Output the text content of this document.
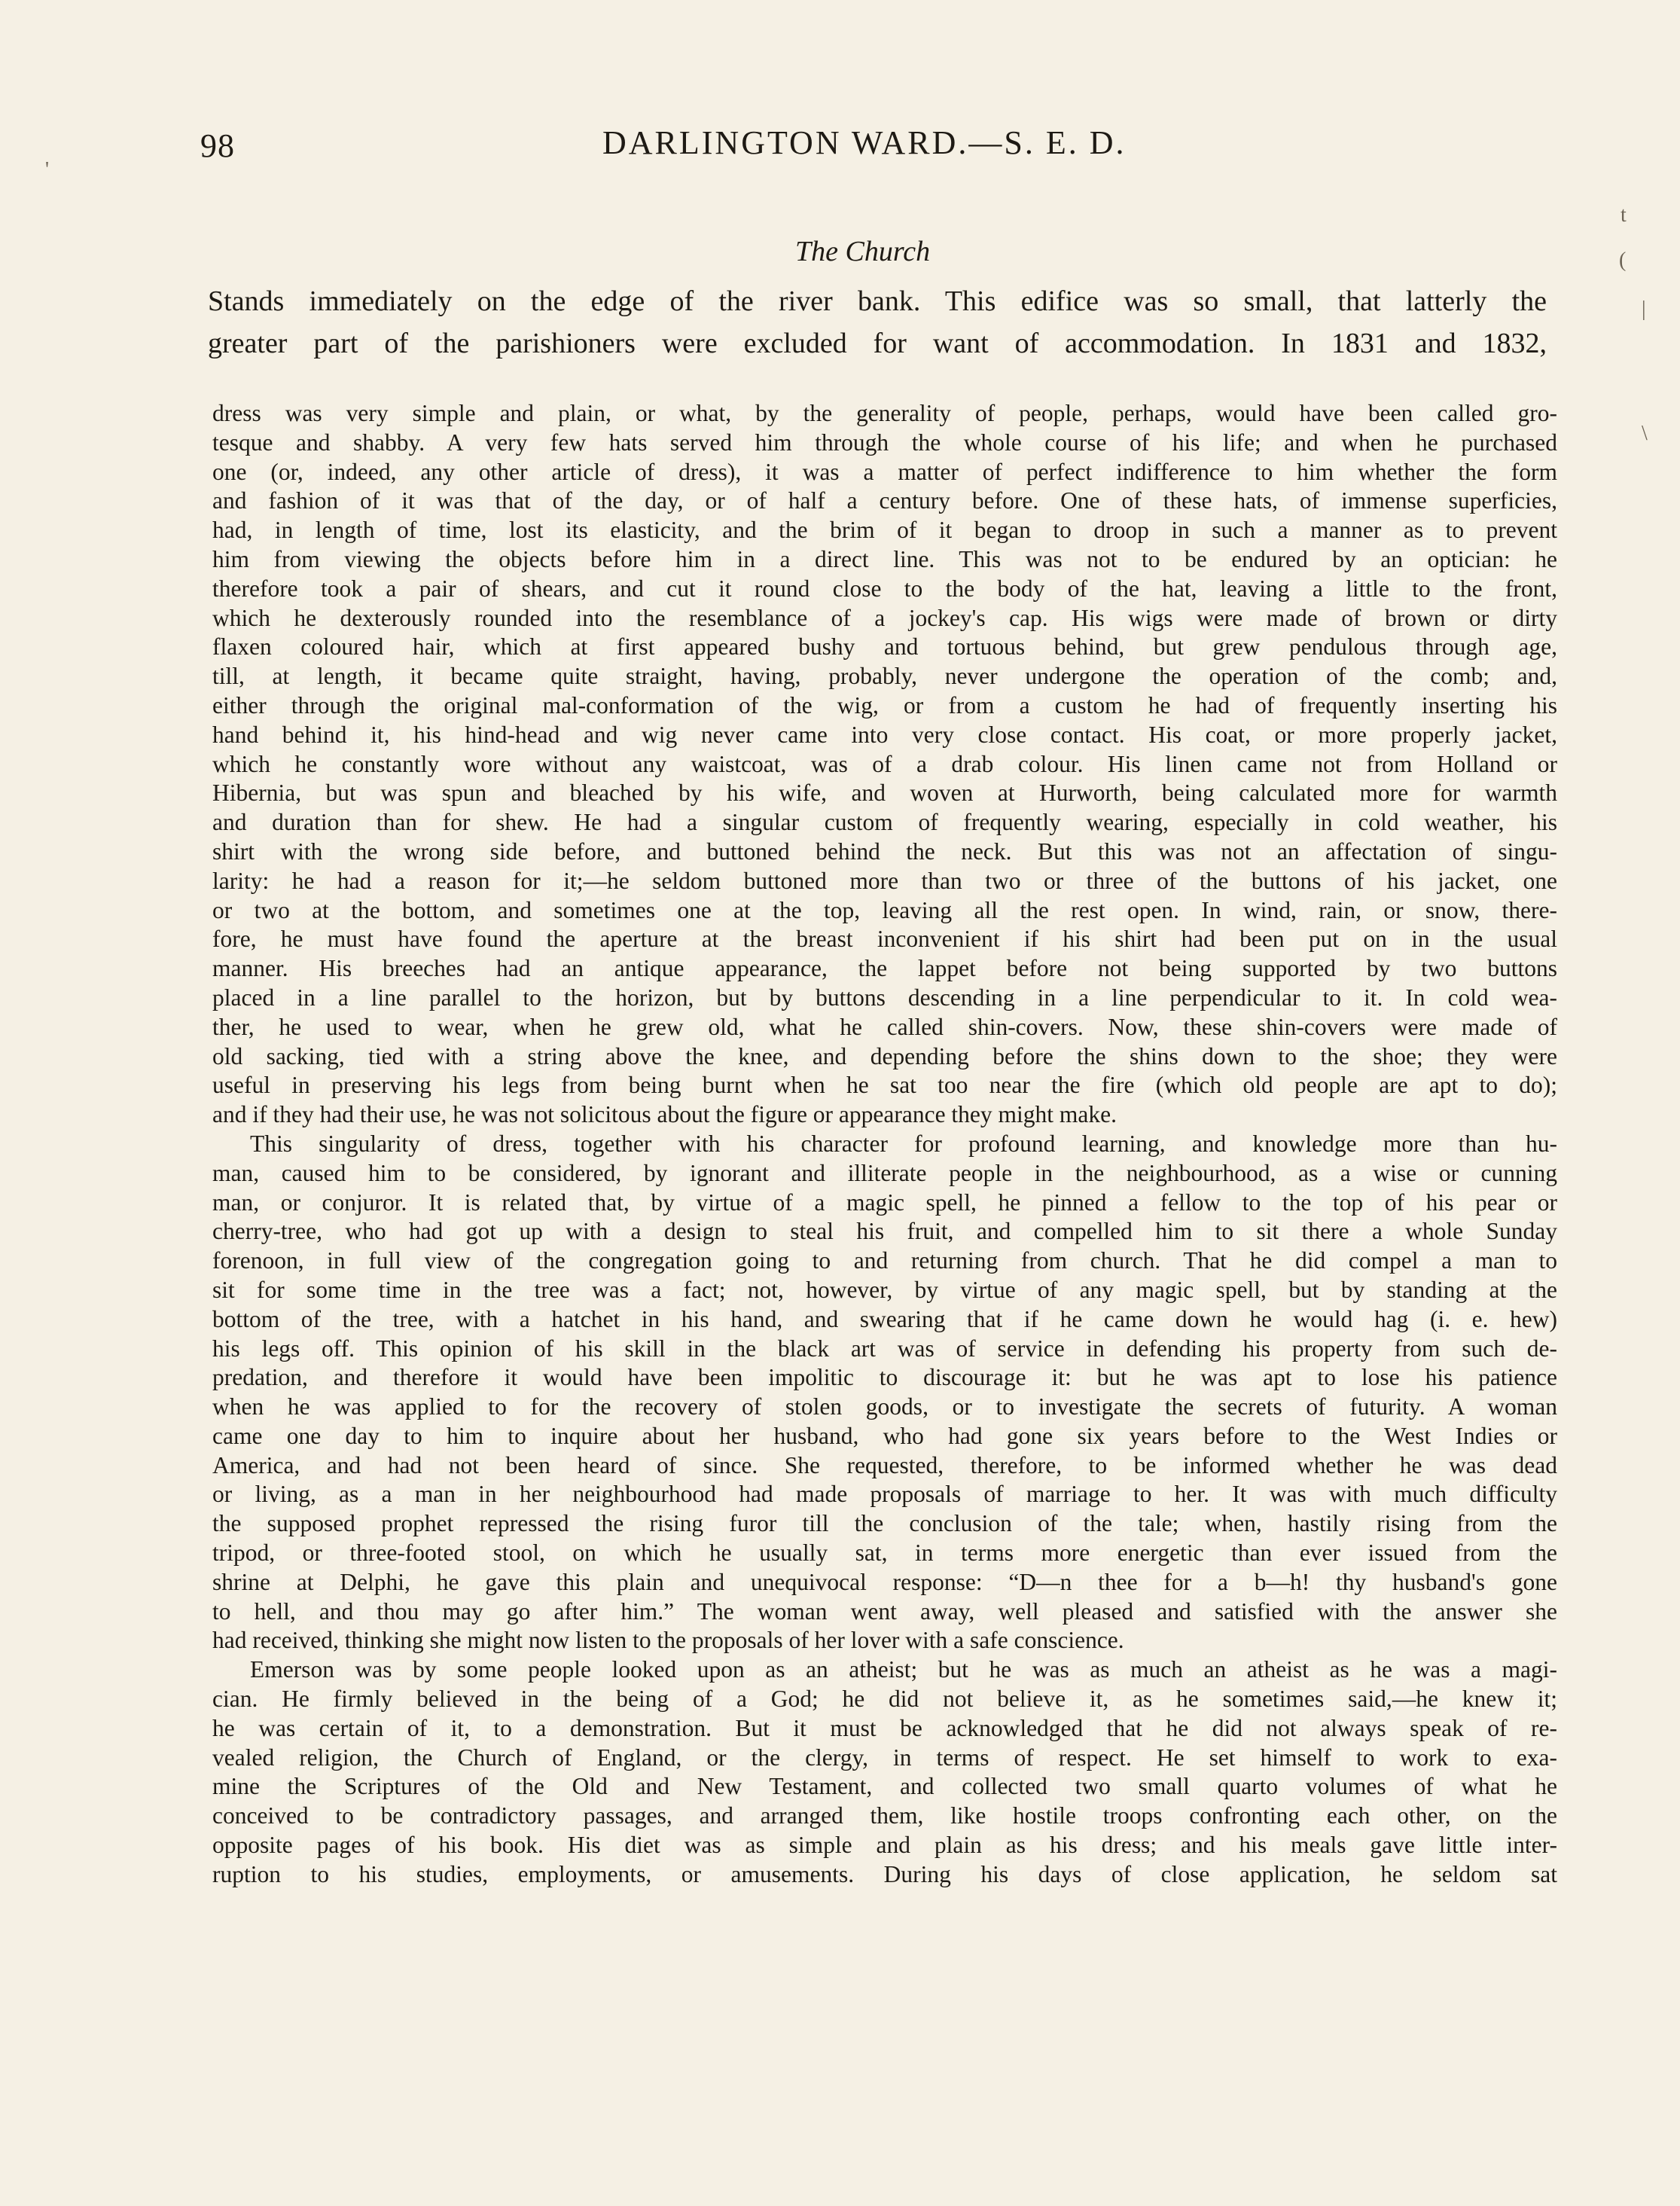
98	DARLINGTON WARD.—S. E. D.
'
t
(
|
\
The Church
Stands immediately on the edge of the river bank. This edifice was so small, that latterly the
greater part of the parishioners were excluded for want of accommodation. In 1831 and 1832,
dress was very simple and plain, or what, by the generality of people, perhaps, would have been called gro-
tesque and shabby. A very few hats served him through the whole course of his life; and when he purchased
one (or, indeed, any other article of dress), it was a matter of perfect indifference to him whether the form
and fashion of it was that of the day, or of half a century before. One of these hats, of immense superficies,
had, in length of time, lost its elasticity, and the brim of it began to droop in such a manner as to prevent
him from viewing the objects before him in a direct line. This was not to be endured by an optician: he
therefore took a pair of shears, and cut it round close to the body of the hat, leaving a little to the front,
which he dexterously rounded into the resemblance of a jockey's cap. His wigs were made of brown or dirty
flaxen coloured hair, which at first appeared bushy and tortuous behind, but grew pendulous through age,
till, at length, it became quite straight, having, probably, never undergone the operation of the comb; and,
either through the original mal-conformation of the wig, or from a custom he had of frequently inserting his
hand behind it, his hind-head and wig never came into very close contact. His coat, or more properly jacket,
which he constantly wore without any waistcoat, was of a drab colour. His linen came not from Holland or
Hibernia, but was spun and bleached by his wife, and woven at Hurworth, being calculated more for warmth
and duration than for shew. He had a singular custom of frequently wearing, especially in cold weather, his
shirt with the wrong side before, and buttoned behind the neck. But this was not an affectation of singu-
larity: he had a reason for it;—he seldom buttoned more than two or three of the buttons of his jacket, one
or two at the bottom, and sometimes one at the top, leaving all the rest open. In wind, rain, or snow, there-
fore, he must have found the aperture at the breast inconvenient if his shirt had been put on in the usual
manner. His breeches had an antique appearance, the lappet before not being supported by two buttons
placed in a line parallel to the horizon, but by buttons descending in a line perpendicular to it. In cold wea-
ther, he used to wear, when he grew old, what he called shin-covers. Now, these shin-covers were made of
old sacking, tied with a string above the knee, and depending before the shins down to the shoe; they were
useful in preserving his legs from being burnt when he sat too near the fire (which old people are apt to do);
and if they had their use, he was not solicitous about the figure or appearance they might make.
This singularity of dress, together with his character for profound learning, and knowledge more than hu-
man, caused him to be considered, by ignorant and illiterate people in the neighbourhood, as a wise or cunning
man, or conjuror. It is related that, by virtue of a magic spell, he pinned a fellow to the top of his pear or
cherry-tree, who had got up with a design to steal his fruit, and compelled him to sit there a whole Sunday
forenoon, in full view of the congregation going to and returning from church. That he did compel a man to
sit for some time in the tree was a fact; not, however, by virtue of any magic spell, but by standing at the
bottom of the tree, with a hatchet in his hand, and swearing that if he came down he would hag (i. e. hew)
his legs off. This opinion of his skill in the black art was of service in defending his property from such de-
predation, and therefore it would have been impolitic to discourage it: but he was apt to lose his patience
when he was applied to for the recovery of stolen goods, or to investigate the secrets of futurity. A woman
came one day to him to inquire about her husband, who had gone six years before to the West Indies or
America, and had not been heard of since. She requested, therefore, to be informed whether he was dead
or living, as a man in her neighbourhood had made proposals of marriage to her. It was with much difficulty
the supposed prophet repressed the rising furor till the conclusion of the tale; when, hastily rising from the
tripod, or three-footed stool, on which he usually sat, in terms more energetic than ever issued from the
shrine at Delphi, he gave this plain and unequivocal response: “D—n thee for a b—h! thy husband's gone
to hell, and thou may go after him.” The woman went away, well pleased and satisfied with the answer she
had received, thinking she might now listen to the proposals of her lover with a safe conscience.
Emerson was by some people looked upon as an atheist; but he was as much an atheist as he was a magi-
cian. He firmly believed in the being of a God; he did not believe it, as he sometimes said,—he knew it;
he was certain of it, to a demonstration. But it must be acknowledged that he did not always speak of re-
vealed religion, the Church of England, or the clergy, in terms of respect. He set himself to work to exa-
mine the Scriptures of the Old and New Testament, and collected two small quarto volumes of what he
conceived to be contradictory passages, and arranged them, like hostile troops confronting each other, on the
opposite pages of his book. His diet was as simple and plain as his dress; and his meals gave little inter-
ruption to his studies, employments, or amusements. During his days of close application, he seldom sat
